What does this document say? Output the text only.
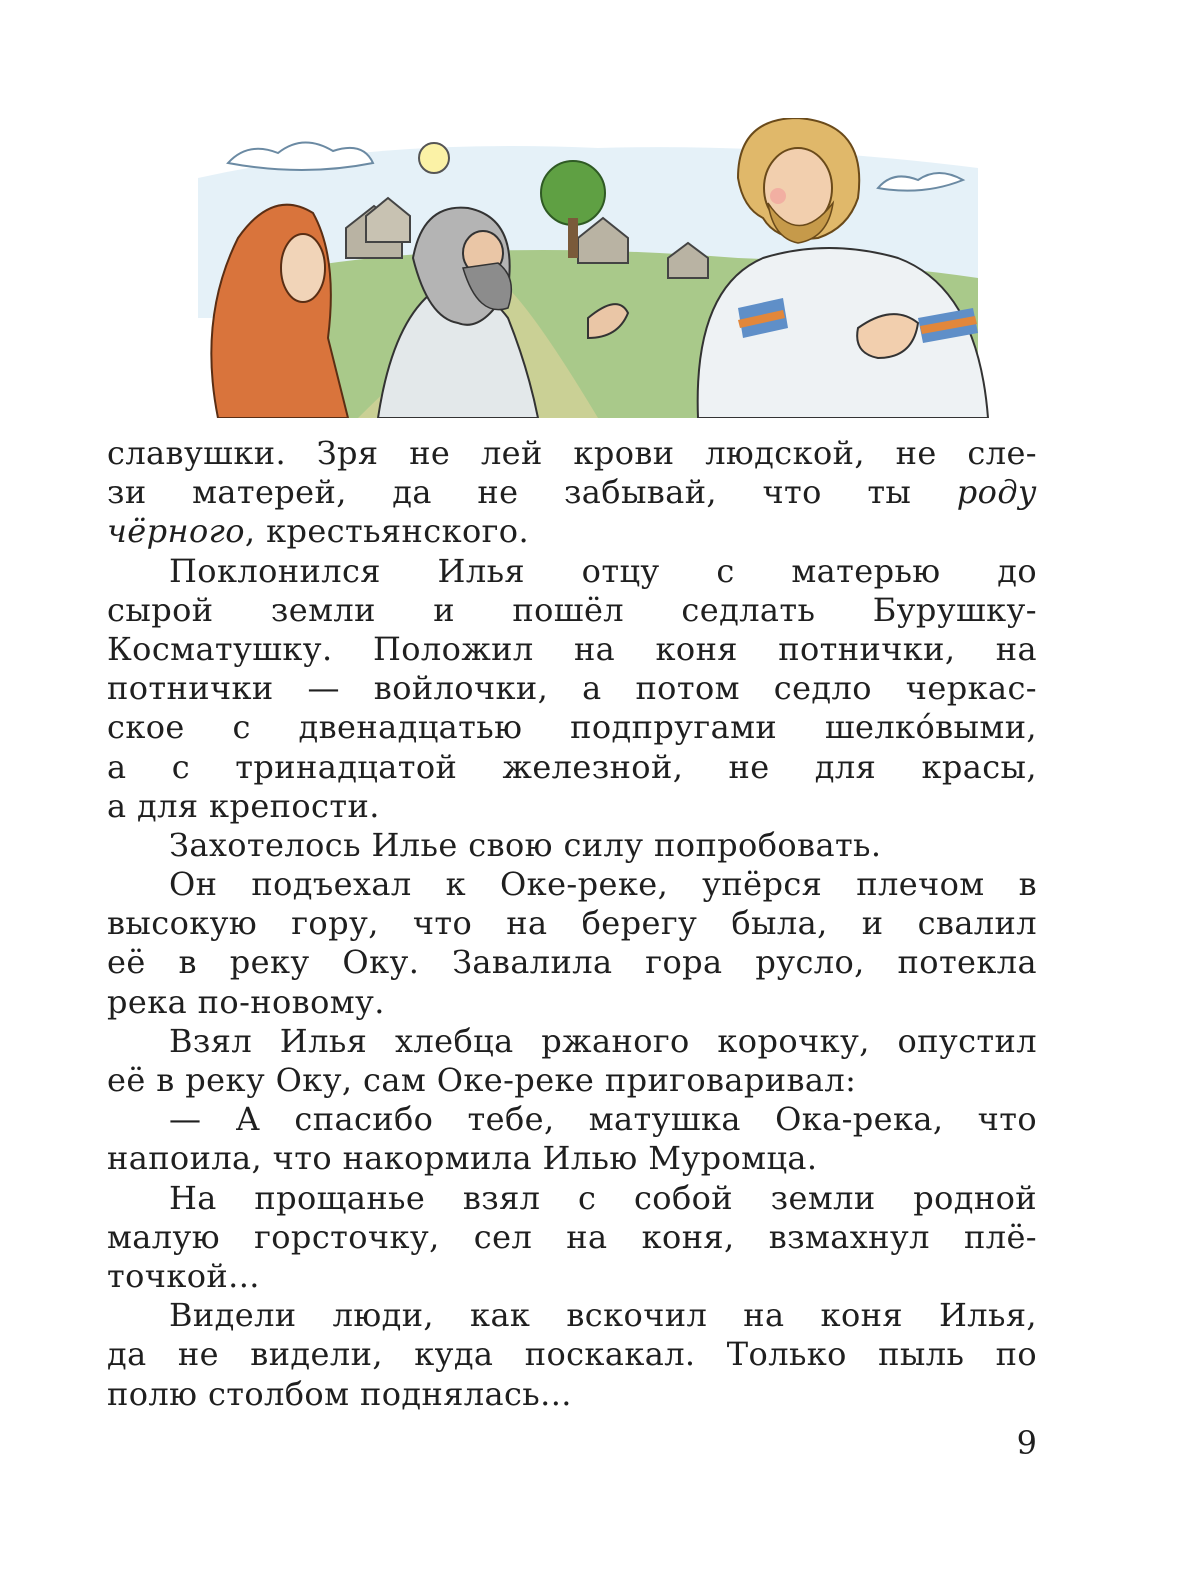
славушки. Зря не лей крови людской, не сле-
зи матерей, да не забывай, что ты роду
чёрного, крестьянского.
Поклонился Илья отцу с матерью до
сырой земли и пошёл седлать Бурушку-
Косматушку. Положил на коня потнички, на
потнички — войлочки, а потом седло черкас-
ское с двенадцатью подпругами шелко́выми,
а с тринадцатой железной, не для красы,
а для крепости.
Захотелось Илье свою силу попробовать.
Он подъехал к Оке-реке, упёрся плечом в
высокую гору, что на берегу была, и свалил
её в реку Оку. Завалила гора русло, потекла
река по-новому.
Взял Илья хлебца ржаного корочку, опустил
её в реку Оку, сам Оке-реке приговаривал:
— А спасибо тебе, матушка Ока-река, что
напоила, что накормила Илью Муромца.
На прощанье взял с собой земли родной
малую горсточку, сел на коня, взмахнул плё-
точкой...
Видели люди, как вскочил на коня Илья,
да не видели, куда поскакал. Только пыль по
полю столбом поднялась...
9
